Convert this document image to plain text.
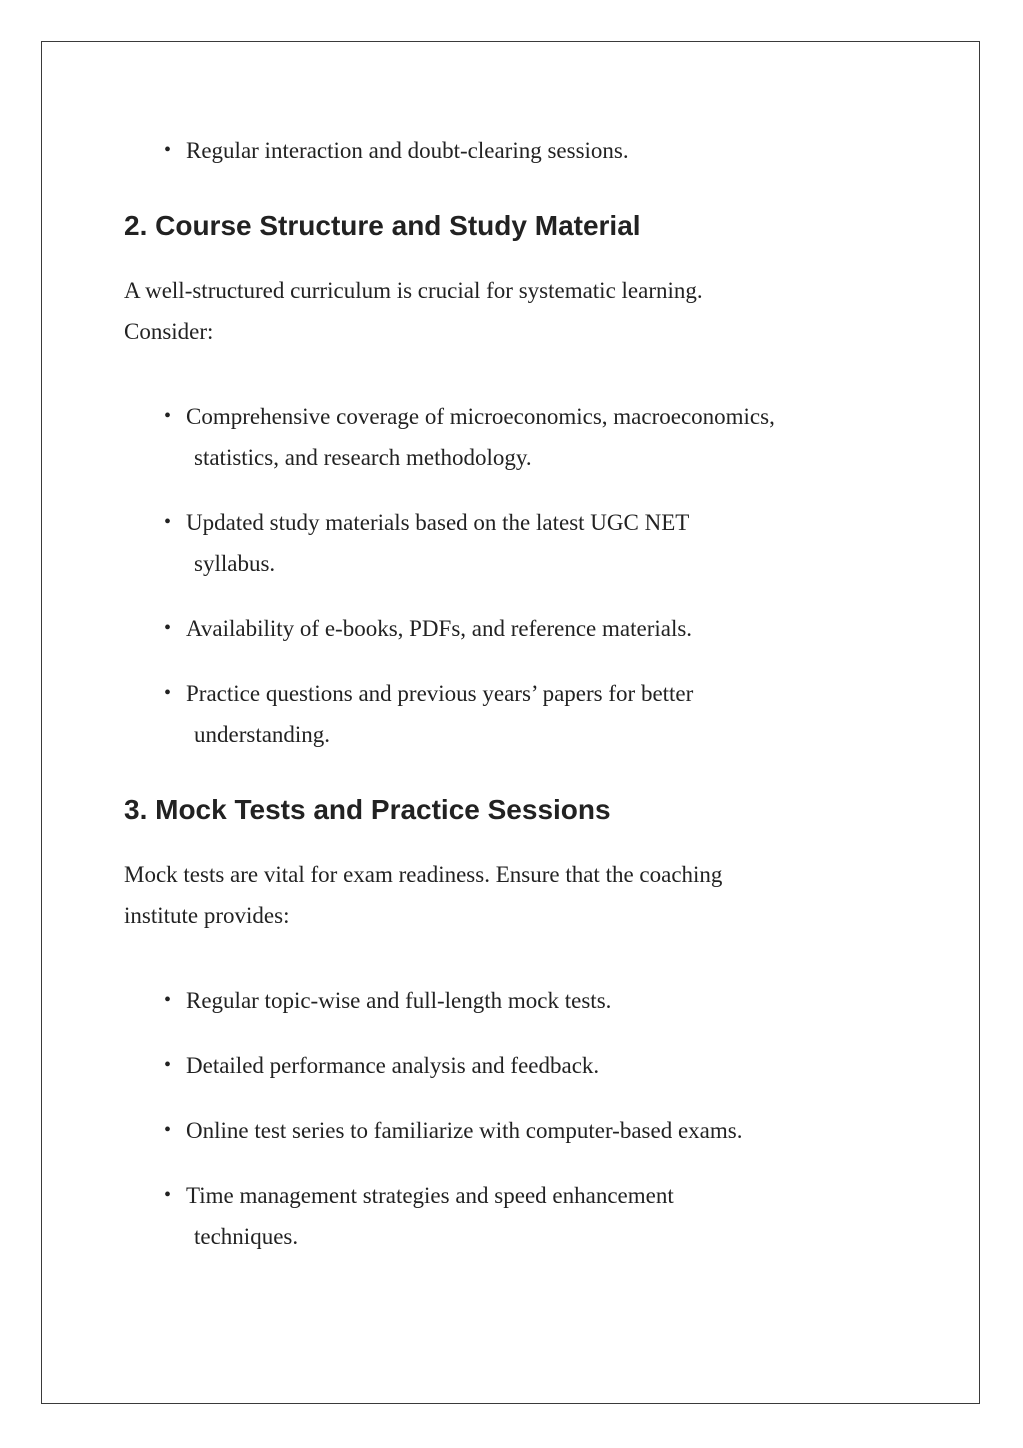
• Regular interaction and doubt-clearing sessions.
2. Course Structure and Study Material

A well-structured curriculum is crucial for systematic learning.
Consider:

• Comprehensive coverage of microeconomics, macroeconomics,
statistics, and research methodology.
• Updated study materials based on the latest UGC NET
syllabus.
• Availability of e-books, PDFs, and reference materials.
• Practice questions and previous years’ papers for better
understanding.
3. Mock Tests and Practice Sessions

Mock tests are vital for exam readiness. Ensure that the coaching
institute provides:

• Regular topic-wise and full-length mock tests.
• Detailed performance analysis and feedback.
• Online test series to familiarize with computer-based exams.
• Time management strategies and speed enhancement
techniques.
